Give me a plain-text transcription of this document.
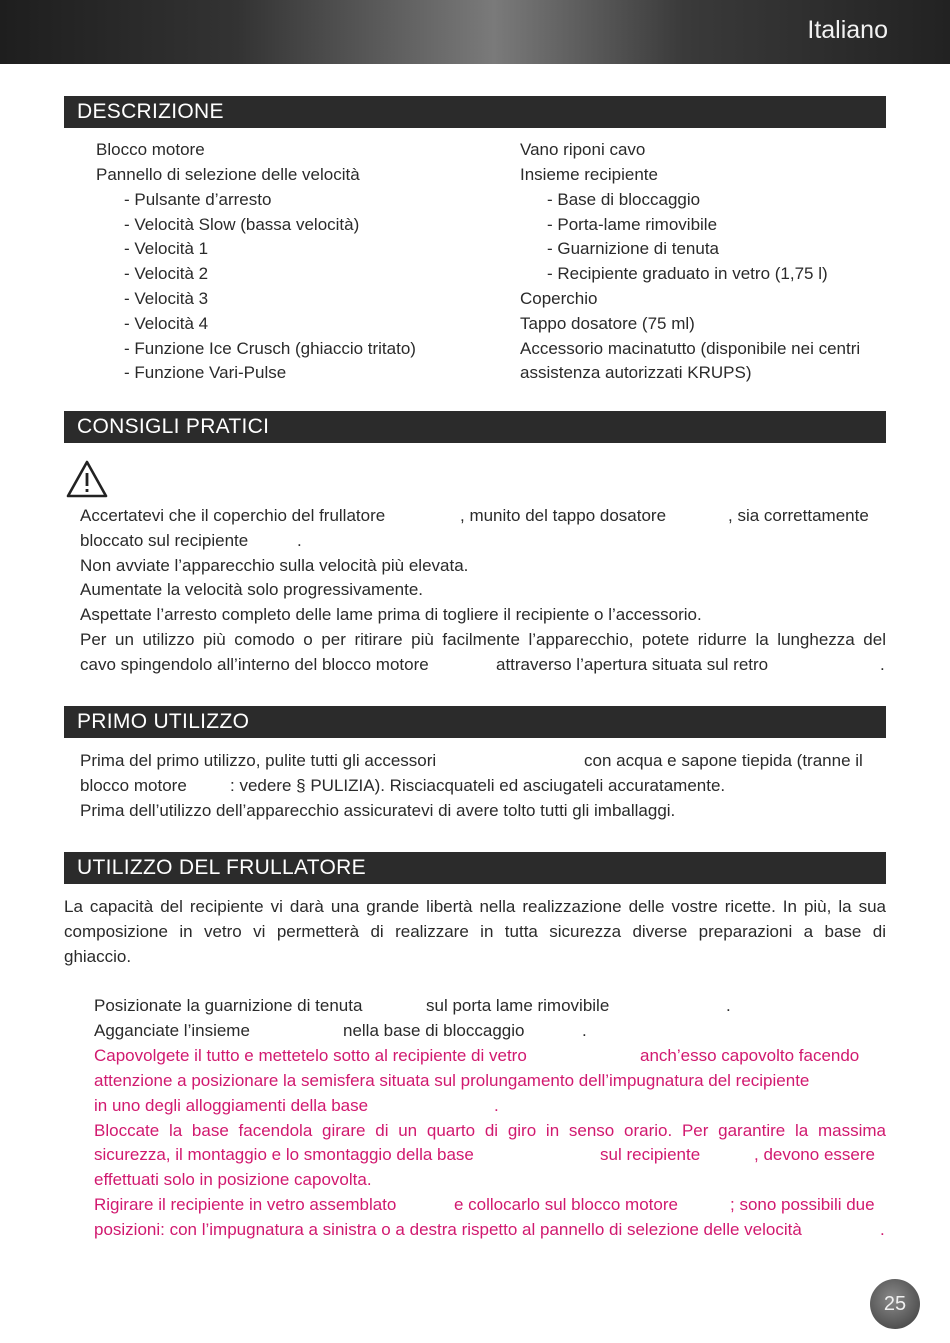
Italiano
DESCRIZIONE
Blocco motore
Pannello di selezione delle velocità
- Pulsante d’arresto
- Velocità Slow (bassa velocità)
- Velocità 1
- Velocità 2
- Velocità 3
- Velocità 4
- Funzione Ice Crusch (ghiaccio tritato)
- Funzione Vari-Pulse
Vano riponi cavo
Insieme recipiente
- Base di bloccaggio
- Porta-lame rimovibile
- Guarnizione di tenuta
- Recipiente graduato in vetro (1,75 l)
Coperchio
Tappo dosatore (75 ml)
Accessorio macinatutto (disponibile nei centri
assistenza autorizzati KRUPS)
CONSIGLI PRATICI
Accertatevi che il coperchio del frullatore	, munito del tappo dosatore	, sia correttamente
bloccato sul recipiente	.
Non avviate l’apparecchio sulla velocità più elevata.
Aumentate la velocità solo progressivamente.
Aspettate l’arresto completo delle lame prima di togliere il recipiente o l’accessorio.
Per un utilizzo più comodo o per ritirare più facilmente l’apparecchio, potete ridurre la lunghezza del
cavo spingendolo all’interno del blocco motore	attraverso l’apertura situata sul retro	.
PRIMO UTILIZZO
Prima del primo utilizzo, pulite tutti gli accessori	con acqua e sapone tiepida (tranne il
blocco motore	: vedere § PULIZIA). Risciacquateli ed asciugateli accuratamente.
Prima dell’utilizzo dell’apparecchio assicuratevi di avere tolto tutti gli imballaggi.
UTILIZZO DEL FRULLATORE
La capacità del recipiente vi darà una grande libertà nella realizzazione delle vostre ricette. In più, la sua
composizione in vetro vi permetterà di realizzare in tutta sicurezza diverse preparazioni a base di
ghiaccio.
Posizionate la guarnizione di tenuta	sul porta lame rimovibile	.
Agganciate l’insieme	nella base di bloccaggio	.
Capovolgete il tutto e mettetelo sotto al recipiente di vetro	anch’esso capovolto facendo
attenzione a posizionare la semisfera situata sul prolungamento dell’impugnatura del recipiente
in uno degli alloggiamenti della base	.
Bloccate la base facendola girare di un quarto di giro in senso orario. Per garantire la massima
sicurezza, il montaggio e lo smontaggio della base	sul recipiente	, devono essere
effettuati solo in posizione capovolta.
Rigirare il recipiente in vetro assemblato	e collocarlo sul blocco motore	; sono possibili due
posizioni: con l’impugnatura a sinistra o a destra rispetto al pannello di selezione delle velocità	.
25
